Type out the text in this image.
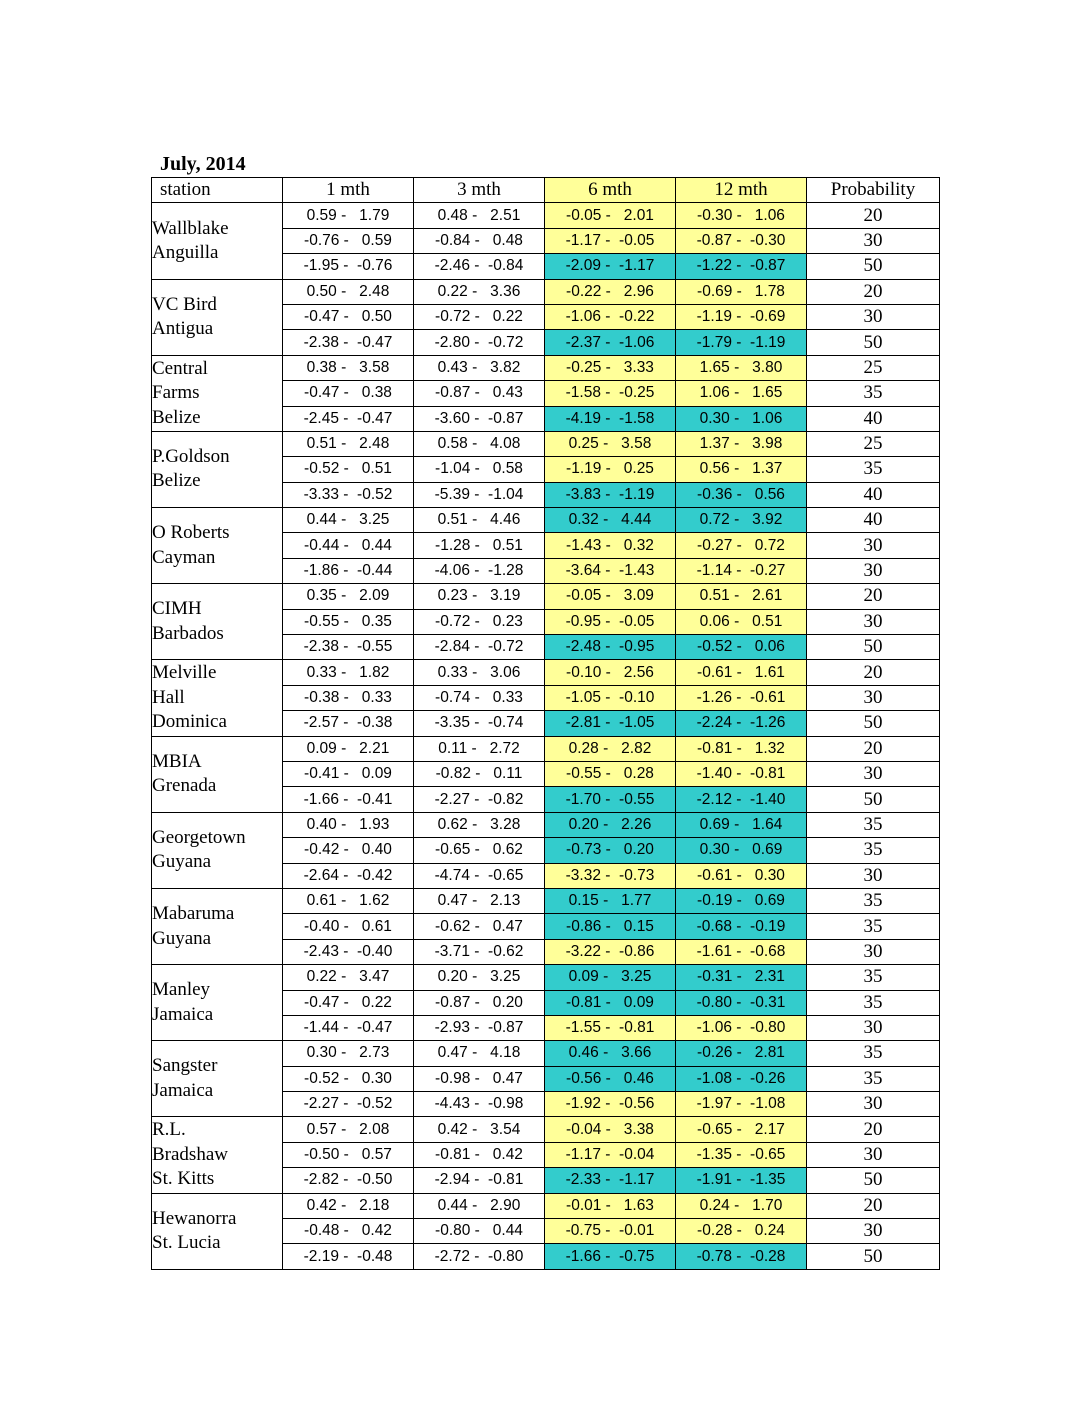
July, 2014
station	1 mth	3 mth	6 mth	12 mth	Probability

Wallblake
Anguilla	0.59 -   1.79	0.48 -   2.51	-0.05 -   2.01	-0.30 -   1.06	20
	-0.76 -   0.59	-0.84 -   0.48	-1.17 -  -0.05	-0.87 -  -0.30	30
	-1.95 -  -0.76	-2.46 -  -0.84	-2.09 -  -1.17	-1.22 -  -0.87	50

VC Bird
Antigua	0.50 -   2.48	0.22 -   3.36	-0.22 -   2.96	-0.69 -   1.78	20
	-0.47 -   0.50	-0.72 -   0.22	-1.06 -  -0.22	-1.19 -  -0.69	30
	-2.38 -  -0.47	-2.80 -  -0.72	-2.37 -  -1.06	-1.79 -  -1.19	50

Central
Farms
Belize	0.38 -   3.58	0.43 -   3.82	-0.25 -   3.33	1.65 -   3.80	25
	-0.47 -   0.38	-0.87 -   0.43	-1.58 -  -0.25	1.06 -   1.65	35
	-2.45 -  -0.47	-3.60 -  -0.87	-4.19 -  -1.58	0.30 -   1.06	40

P.Goldson
Belize	0.51 -   2.48	0.58 -   4.08	0.25 -   3.58	1.37 -   3.98	25
	-0.52 -   0.51	-1.04 -   0.58	-1.19 -   0.25	0.56 -   1.37	35
	-3.33 -  -0.52	-5.39 -  -1.04	-3.83 -  -1.19	-0.36 -   0.56	40

O Roberts
Cayman	0.44 -   3.25	0.51 -   4.46	0.32 -   4.44	0.72 -   3.92	40
	-0.44 -   0.44	-1.28 -   0.51	-1.43 -   0.32	-0.27 -   0.72	30
	-1.86 -  -0.44	-4.06 -  -1.28	-3.64 -  -1.43	-1.14 -  -0.27	30

CIMH
Barbados	0.35 -   2.09	0.23 -   3.19	-0.05 -   3.09	0.51 -   2.61	20
	-0.55 -   0.35	-0.72 -   0.23	-0.95 -  -0.05	0.06 -   0.51	30
	-2.38 -  -0.55	-2.84 -  -0.72	-2.48 -  -0.95	-0.52 -   0.06	50

Melville
Hall
Dominica	0.33 -   1.82	0.33 -   3.06	-0.10 -   2.56	-0.61 -   1.61	20
	-0.38 -   0.33	-0.74 -   0.33	-1.05 -  -0.10	-1.26 -  -0.61	30
	-2.57 -  -0.38	-3.35 -  -0.74	-2.81 -  -1.05	-2.24 -  -1.26	50

MBIA
Grenada	0.09 -   2.21	0.11 -   2.72	0.28 -   2.82	-0.81 -   1.32	20
	-0.41 -   0.09	-0.82 -   0.11	-0.55 -   0.28	-1.40 -  -0.81	30
	-1.66 -  -0.41	-2.27 -  -0.82	-1.70 -  -0.55	-2.12 -  -1.40	50

Georgetown
Guyana	0.40 -   1.93	0.62 -   3.28	0.20 -   2.26	0.69 -   1.64	35
	-0.42 -   0.40	-0.65 -   0.62	-0.73 -   0.20	0.30 -   0.69	35
	-2.64 -  -0.42	-4.74 -  -0.65	-3.32 -  -0.73	-0.61 -   0.30	30

Mabaruma
Guyana	0.61 -   1.62	0.47 -   2.13	0.15 -   1.77	-0.19 -   0.69	35
	-0.40 -   0.61	-0.62 -   0.47	-0.86 -   0.15	-0.68 -  -0.19	35
	-2.43 -  -0.40	-3.71 -  -0.62	-3.22 -  -0.86	-1.61 -  -0.68	30

Manley
Jamaica	0.22 -   3.47	0.20 -   3.25	0.09 -   3.25	-0.31 -   2.31	35
	-0.47 -   0.22	-0.87 -   0.20	-0.81 -   0.09	-0.80 -  -0.31	35
	-1.44 -  -0.47	-2.93 -  -0.87	-1.55 -  -0.81	-1.06 -  -0.80	30

Sangster
Jamaica	0.30 -   2.73	0.47 -   4.18	0.46 -   3.66	-0.26 -   2.81	35
	-0.52 -   0.30	-0.98 -   0.47	-0.56 -   0.46	-1.08 -  -0.26	35
	-2.27 -  -0.52	-4.43 -  -0.98	-1.92 -  -0.56	-1.97 -  -1.08	30

R.L.
Bradshaw
St. Kitts	0.57 -   2.08	0.42 -   3.54	-0.04 -   3.38	-0.65 -   2.17	20
	-0.50 -   0.57	-0.81 -   0.42	-1.17 -  -0.04	-1.35 -  -0.65	30
	-2.82 -  -0.50	-2.94 -  -0.81	-2.33 -  -1.17	-1.91 -  -1.35	50

Hewanorra
St. Lucia	0.42 -   2.18	0.44 -   2.90	-0.01 -   1.63	0.24 -   1.70	20
	-0.48 -   0.42	-0.80 -   0.44	-0.75 -  -0.01	-0.28 -   0.24	30
	-2.19 -  -0.48	-2.72 -  -0.80	-1.66 -  -0.75	-0.78 -  -0.28	50
